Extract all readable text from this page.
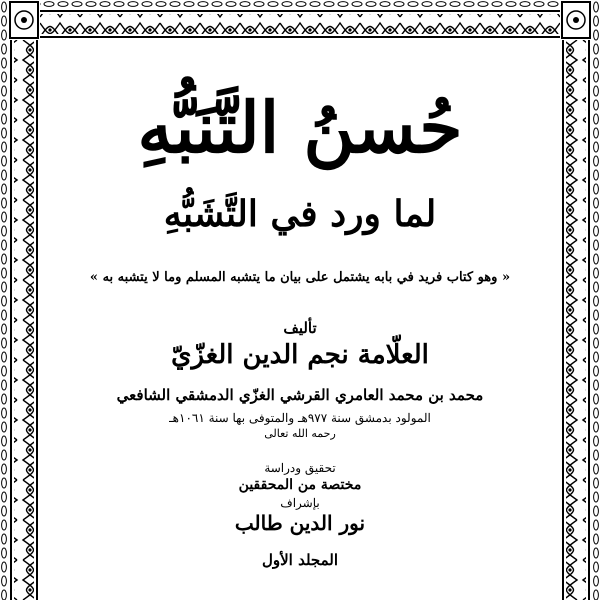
حُسنُ التَّنَبُّهِ
لما ورد في التَّشَبُّهِ
« وهو كتاب فريد في بابه يشتمل على بيان ما يتشبه المسلم وما لا يتشبه به »
تأليف
العلّامة نجم الدين الغزّيّ
محمد بن محمد العامري القرشي الغزّي الدمشقي الشافعي
المولود بدمشق سنة ٩٧٧هـ والمتوفى بها سنة ١٠٦١هـ
رحمه الله تعالى
تحقيق ودراسة
مختصة من المحققين
بإشراف
نور الدين طالب
المجلد الأول
